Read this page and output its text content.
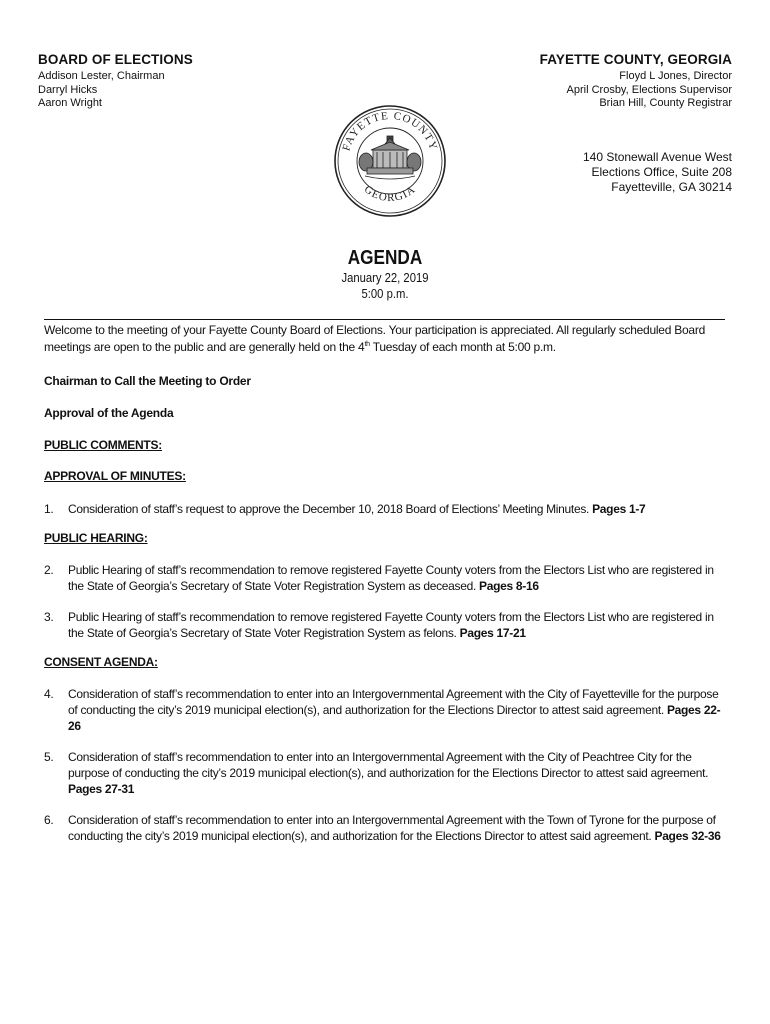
BOARD OF ELECTIONS
Addison Lester, Chairman
Darryl Hicks
Aaron Wright
FAYETTE COUNTY, GEORGIA
Floyd L Jones, Director
April Crosby, Elections Supervisor
Brian Hill, County Registrar
FAYETTE COUNTY
GEORGIA
140 Stonewall Avenue West
Elections Office, Suite 208
Fayetteville, GA 30214
AGENDA
January 22, 2019
5:00 p.m.
Welcome to the meeting of your Fayette County Board of Elections. Your participation is appreciated. All regularly scheduled Board meetings are open to the public and are generally held on the 4th Tuesday of each month at 5:00 p.m.
Chairman to Call the Meeting to Order
Approval of the Agenda
PUBLIC COMMENTS:
APPROVAL OF MINUTES:
1.	Consideration of staff’s request to approve the December 10, 2018 Board of Elections’ Meeting Minutes. Pages 1-7
PUBLIC HEARING:
2.	Public Hearing of staff’s recommendation to remove registered Fayette County voters from the Electors List who are registered in the State of Georgia’s Secretary of State Voter Registration System as deceased. Pages 8-16
3.	Public Hearing of staff’s recommendation to remove registered Fayette County voters from the Electors List who are registered in the State of Georgia’s Secretary of State Voter Registration System as felons. Pages 17-21
CONSENT AGENDA:
4.	Consideration of staff’s recommendation to enter into an Intergovernmental Agreement with the City of Fayetteville for the purpose of conducting the city’s 2019 municipal election(s), and authorization for the Elections Director to attest said agreement. Pages 22-26
5.	Consideration of staff’s recommendation to enter into an Intergovernmental Agreement with the City of Peachtree City for the purpose of conducting the city’s 2019 municipal election(s), and authorization for the Elections Director to attest said agreement. Pages 27-31
6.	Consideration of staff’s recommendation to enter into an Intergovernmental Agreement with the Town of Tyrone for the purpose of conducting the city’s 2019 municipal election(s), and authorization for the Elections Director to attest said agreement. Pages 32-36
